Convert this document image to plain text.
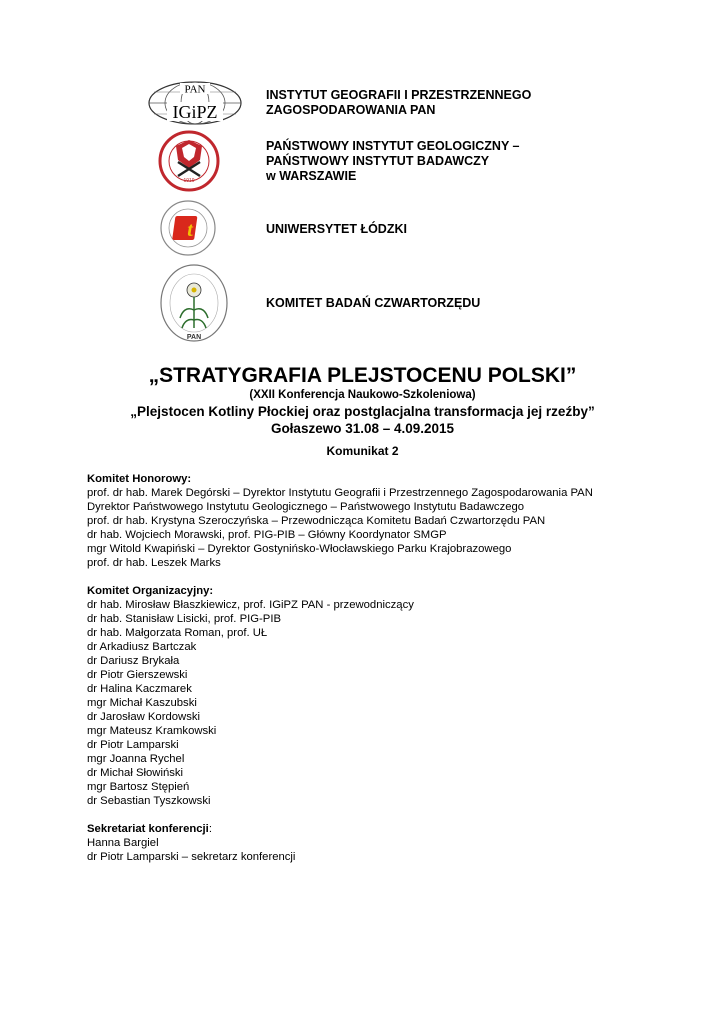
PAN
IGiPZ
1919
t
PAN
INSTYTUT GEOGRAFII I PRZESTRZENNEGO
ZAGOSPODAROWANIA PAN
PAŃSTWOWY INSTYTUT GEOLOGICZNY –
PAŃSTWOWY INSTYTUT BADAWCZY
w WARSZAWIE
UNIWERSYTET ŁÓDZKI
KOMITET BADAŃ CZWARTORZĘDU
„STRATYGRAFIA PLEJSTOCENU POLSKI”
(XXII Konferencja Naukowo-Szkoleniowa)
„Plejstocen Kotliny Płockiej oraz postglacjalna transformacja jej rzeźby”
Gołaszewo 31.08 – 4.09.2015
Komunikat 2
Komitet Honorowy:
prof. dr hab. Marek Degórski – Dyrektor Instytutu Geografii i Przestrzennego Zagospodarowania PAN
Dyrektor Państwowego Instytutu Geologicznego – Państwowego Instytutu Badawczego
prof. dr hab. Krystyna Szeroczyńska – Przewodnicząca Komitetu Badań Czwartorzędu PAN
dr hab. Wojciech Morawski, prof. PIG-PIB – Główny Koordynator SMGP
mgr Witold Kwapiński – Dyrektor Gostynińsko-Włocławskiego Parku Krajobrazowego
prof. dr hab. Leszek Marks
Komitet Organizacyjny:
dr hab. Mirosław Błaszkiewicz, prof. IGiPZ PAN - przewodniczący
dr hab. Stanisław Lisicki, prof. PIG-PIB
dr hab. Małgorzata Roman, prof. UŁ
dr Arkadiusz Bartczak
dr Dariusz Brykała
dr Piotr Gierszewski
dr Halina Kaczmarek
mgr Michał Kaszubski
dr Jarosław Kordowski
mgr Mateusz Kramkowski
dr Piotr Lamparski
mgr Joanna Rychel
dr Michał Słowiński
mgr Bartosz Stępień
dr Sebastian Tyszkowski
Sekretariat konferencji:
Hanna Bargiel
dr Piotr Lamparski – sekretarz konferencji
